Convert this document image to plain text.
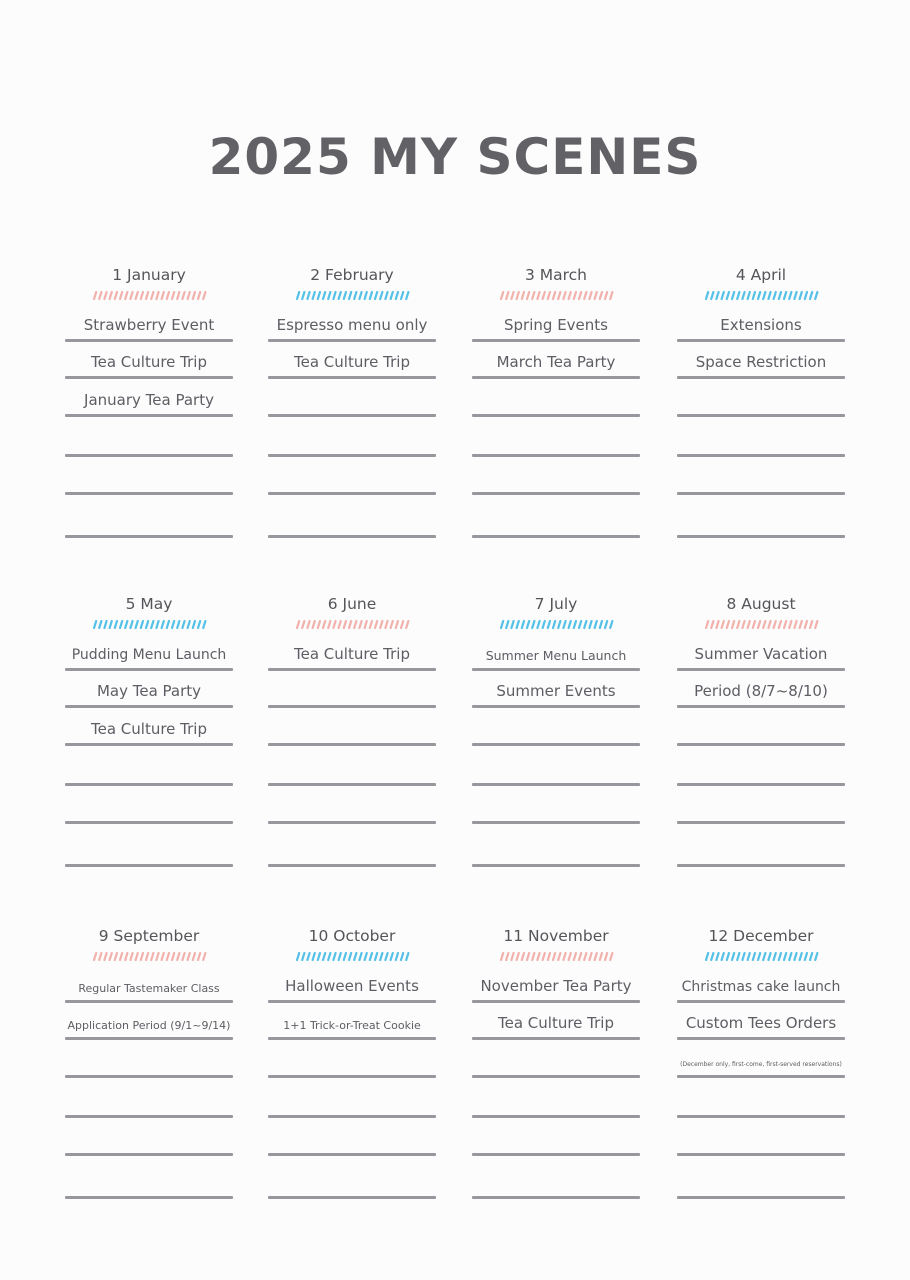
2025 MY SCENES
1 January
Strawberry Event
Tea Culture Trip
January Tea Party
2 February
Espresso menu only
Tea Culture Trip
3 March
Spring Events
March Tea Party
4 April
Extensions
Space Restriction
5 May
Pudding Menu Launch
May Tea Party
Tea Culture Trip
6 June
Tea Culture Trip
7 July
Summer Menu Launch
Summer Events
8 August
Summer Vacation
Period (8/7~8/10)
9 September
Regular Tastemaker Class
Application Period (9/1~9/14)
10 October
Halloween Events
1+1 Trick-or-Treat Cookie
11 November
November Tea Party
Tea Culture Trip
12 December
Christmas cake launch
Custom Tees Orders
(December only, first-come, first-served reservations)
